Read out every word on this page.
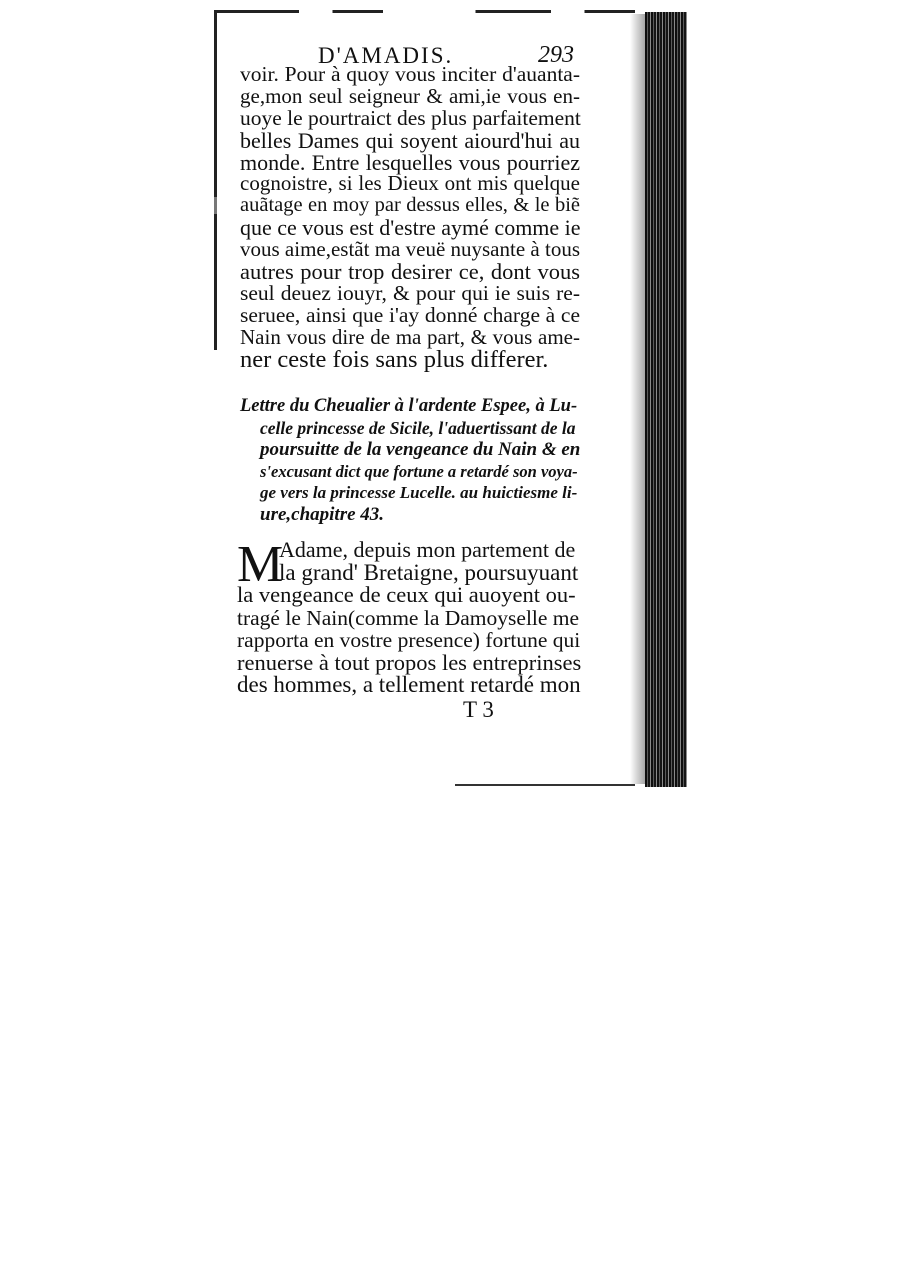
D'AMADIS.	293
voir. Pour à quoy vous inciter d'auanta-
ge,mon seul seigneur & ami,ie vous en-
uoye le pourtraict des plus parfaitement
belles Dames qui soyent aiourd'hui au
monde. Entre lesquelles vous pourriez
cognoistre, si les Dieux ont mis quelque
auãtage en moy par dessus elles, & le biẽ
que ce vous est d'estre aymé comme ie
vous aime,estãt ma veuë nuysante à tous
autres pour trop desirer ce, dont vous
seul deuez iouyr, & pour qui ie suis re-
seruee, ainsi que i'ay donné charge à ce
Nain vous dire de ma part, & vous ame-
ner ceste fois sans plus differer.
Lettre du Cheualier à l'ardente Espee, à Lu-
celle princesse de Sicile, l'aduertissant de la
poursuitte de la vengeance du Nain & en
s'excusant dict que fortune a retardé son voya-
ge vers la princesse Lucelle. au huictiesme li-
ure,chapitre 43.
M
Adame, depuis mon partement de
la grand' Bretaigne, poursuyuant
la vengeance de ceux qui auoyent ou-
tragé le Nain(comme la Damoyselle me
rapporta en vostre presence) fortune qui
renuerse à tout propos les entreprinses
des hommes, a tellement retardé mon
T 3
